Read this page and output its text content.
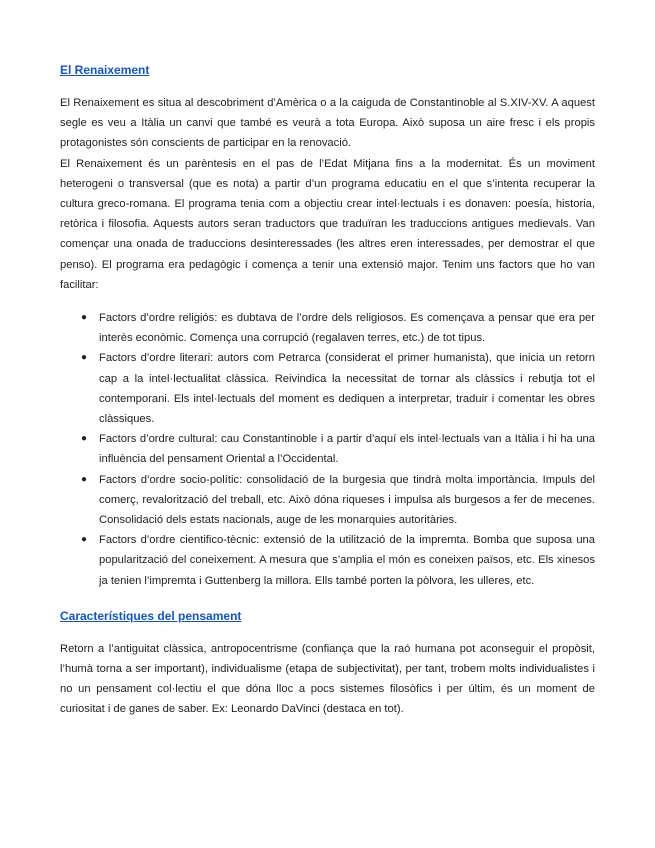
El Renaixement

El Renaixement es situa al descobriment d’Amèrica o a la caiguda de Constantinoble al S.XIV-XV. A aquest segle es veu a Itàlia un canvi que també es veurà a tota Europa. Això suposa un aire fresc i els propis protagonistes són conscients de participar en la renovació.

El Renaixement és un parèntesis en el pas de l’Edat Mitjana fins a la modernitat. És un moviment heterogeni o transversal (que es nota) a partir d’un programa educatiu en el que s’intenta recuperar la cultura greco-romana. El programa tenia com a objectiu crear intel·lectuals i es donaven: poesía, historia, retòrica i filosofia. Aquests autors seran traductors que traduïran les traduccions antigues medievals. Van començar una onada de traduccions desinteressades (les altres eren interessades, per demostrar el que penso). El programa era pedagògic i comença a tenir una extensió major. Tenim uns factors que ho van facilitar:

● Factors d’ordre religiós: es dubtava de l’ordre dels religiosos. Es començava a pensar que era per interès econòmic. Comença una corrupció (regalaven terres, etc.) de tot tipus.
● Factors d’ordre literari: autors com Petrarca (considerat el primer humanista), que inicia un retorn cap a la intel·lectualitat clàssica. Reivindica la necessitat de tornar als clàssics i rebutja tot el contemporani. Els intel·lectuals del moment es dediquen a interpretar, traduir i comentar les obres clàssiques.
● Factors d’ordre cultural: cau Constantinoble i a partir d’aquí els intel·lectuals van a Itàlia i hi ha una influència del pensament Oriental a l’Occidental.
● Factors d’ordre socio-polític: consolidació de la burgesia que tindrà molta importància. Impuls del comerç, revalorització del treball, etc. Això dóna riqueses i impulsa als burgesos a fer de mecenes. Consolidació dels estats nacionals, auge de les monarquies autoritàries.
● Factors d’ordre cientifico-tècnic: extensió de la utilització de la impremta. Bomba que suposa una popularització del coneixement. A mesura que s’amplia el món es coneixen països, etc. Els xinesos ja tenien l’impremta i Guttenberg la millora. Ells també porten la pòlvora, les ulleres, etc.
Característiques del pensament

Retorn a l’antiguitat clàssica, antropocentrisme (confiança que la raó humana pot aconseguir el propòsit, l’humà torna a ser important), individualisme (etapa de subjectivitat), per tant, trobem molts individualistes i no un pensament col·lectiu el que dóna lloc a pocs sistemes filosòfics i per últim, és un moment de curiositat i de ganes de saber. Ex: Leonardo DaVinci (destaca en tot).
